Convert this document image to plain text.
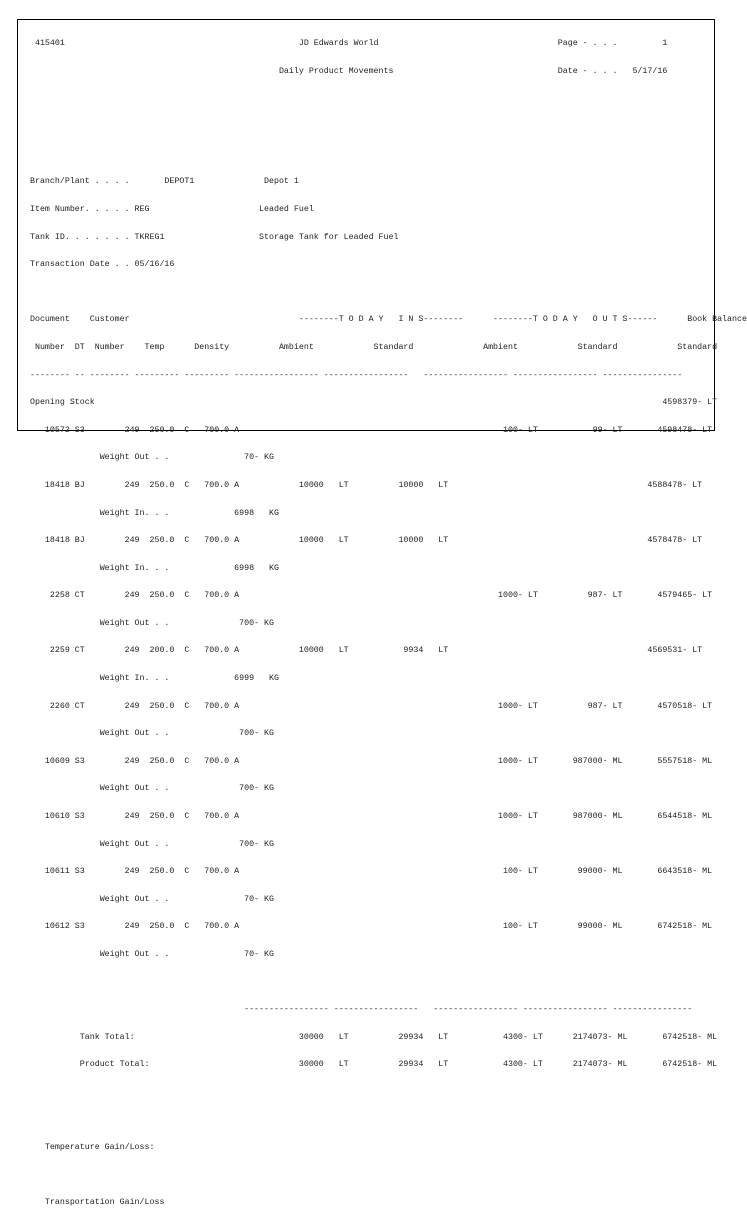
415401                                               JD Edwards World                                    Page - . . .         1

Daily Product Movements                                 Date - . . .   5/17/16

Branch/Plant . . . .       DEPOT1              Depot 1

Item Number. . . . . REG                      Leaded Fuel

Tank ID. . . . . . . TKREG1                   Storage Tank for Leaded Fuel

Transaction Date . . 05/16/16

Document    Customer                                  --------T O D A Y   I N S--------      --------T O D A Y   O U T S------      Book Balance

Number  DT  Number    Temp      Density          Ambient            Standard              Ambient            Standard            Standard

-------- -- -------- --------- --------- ----------------- -----------------   ----------------- ----------------- ----------------

Opening Stock                                                                                                                  4598379- LT

10572 S3        249  250.0  C   700.0 A                                                     100- LT           99- LT       4598478- LT

Weight Out . .               70- KG

18418 BJ        249  250.0  C   700.0 A            10000   LT          10000   LT                                        4588478- LT

Weight In. . .             6998   KG

18418 BJ        249  250.0  C   700.0 A            10000   LT          10000   LT                                        4578478- LT

Weight In. . .             6998   KG

2258 CT        249  250.0  C   700.0 A                                                    1000- LT          987- LT       4579465- LT

Weight Out . .              700- KG

2259 CT        249  200.0  C   700.0 A            10000   LT           9934   LT                                        4569531- LT

Weight In. . .             6999   KG

2260 CT        249  250.0  C   700.0 A                                                    1000- LT          987- LT       4570518- LT

Weight Out . .              700- KG

10609 S3        249  250.0  C   700.0 A                                                    1000- LT       987000- ML       5557518- ML

Weight Out . .              700- KG

10610 S3        249  250.0  C   700.0 A                                                    1000- LT       987000- ML       6544518- ML

Weight Out . .              700- KG

10611 S3        249  250.0  C   700.0 A                                                     100- LT        99000- ML       6643518- ML

Weight Out . .               70- KG

10612 S3        249  250.0  C   700.0 A                                                     100- LT        99000- ML       6742518- ML

Weight Out . .               70- KG

----------------- -----------------   ----------------- ----------------- ----------------

Tank Total:                                 30000   LT          29934   LT           4300- LT      2174073- ML       6742518- ML

Product Total:                              30000   LT          29934   LT           4300- LT      2174073- ML       6742518- ML

Temperature Gain/Loss:

Transportation Gain/Loss
